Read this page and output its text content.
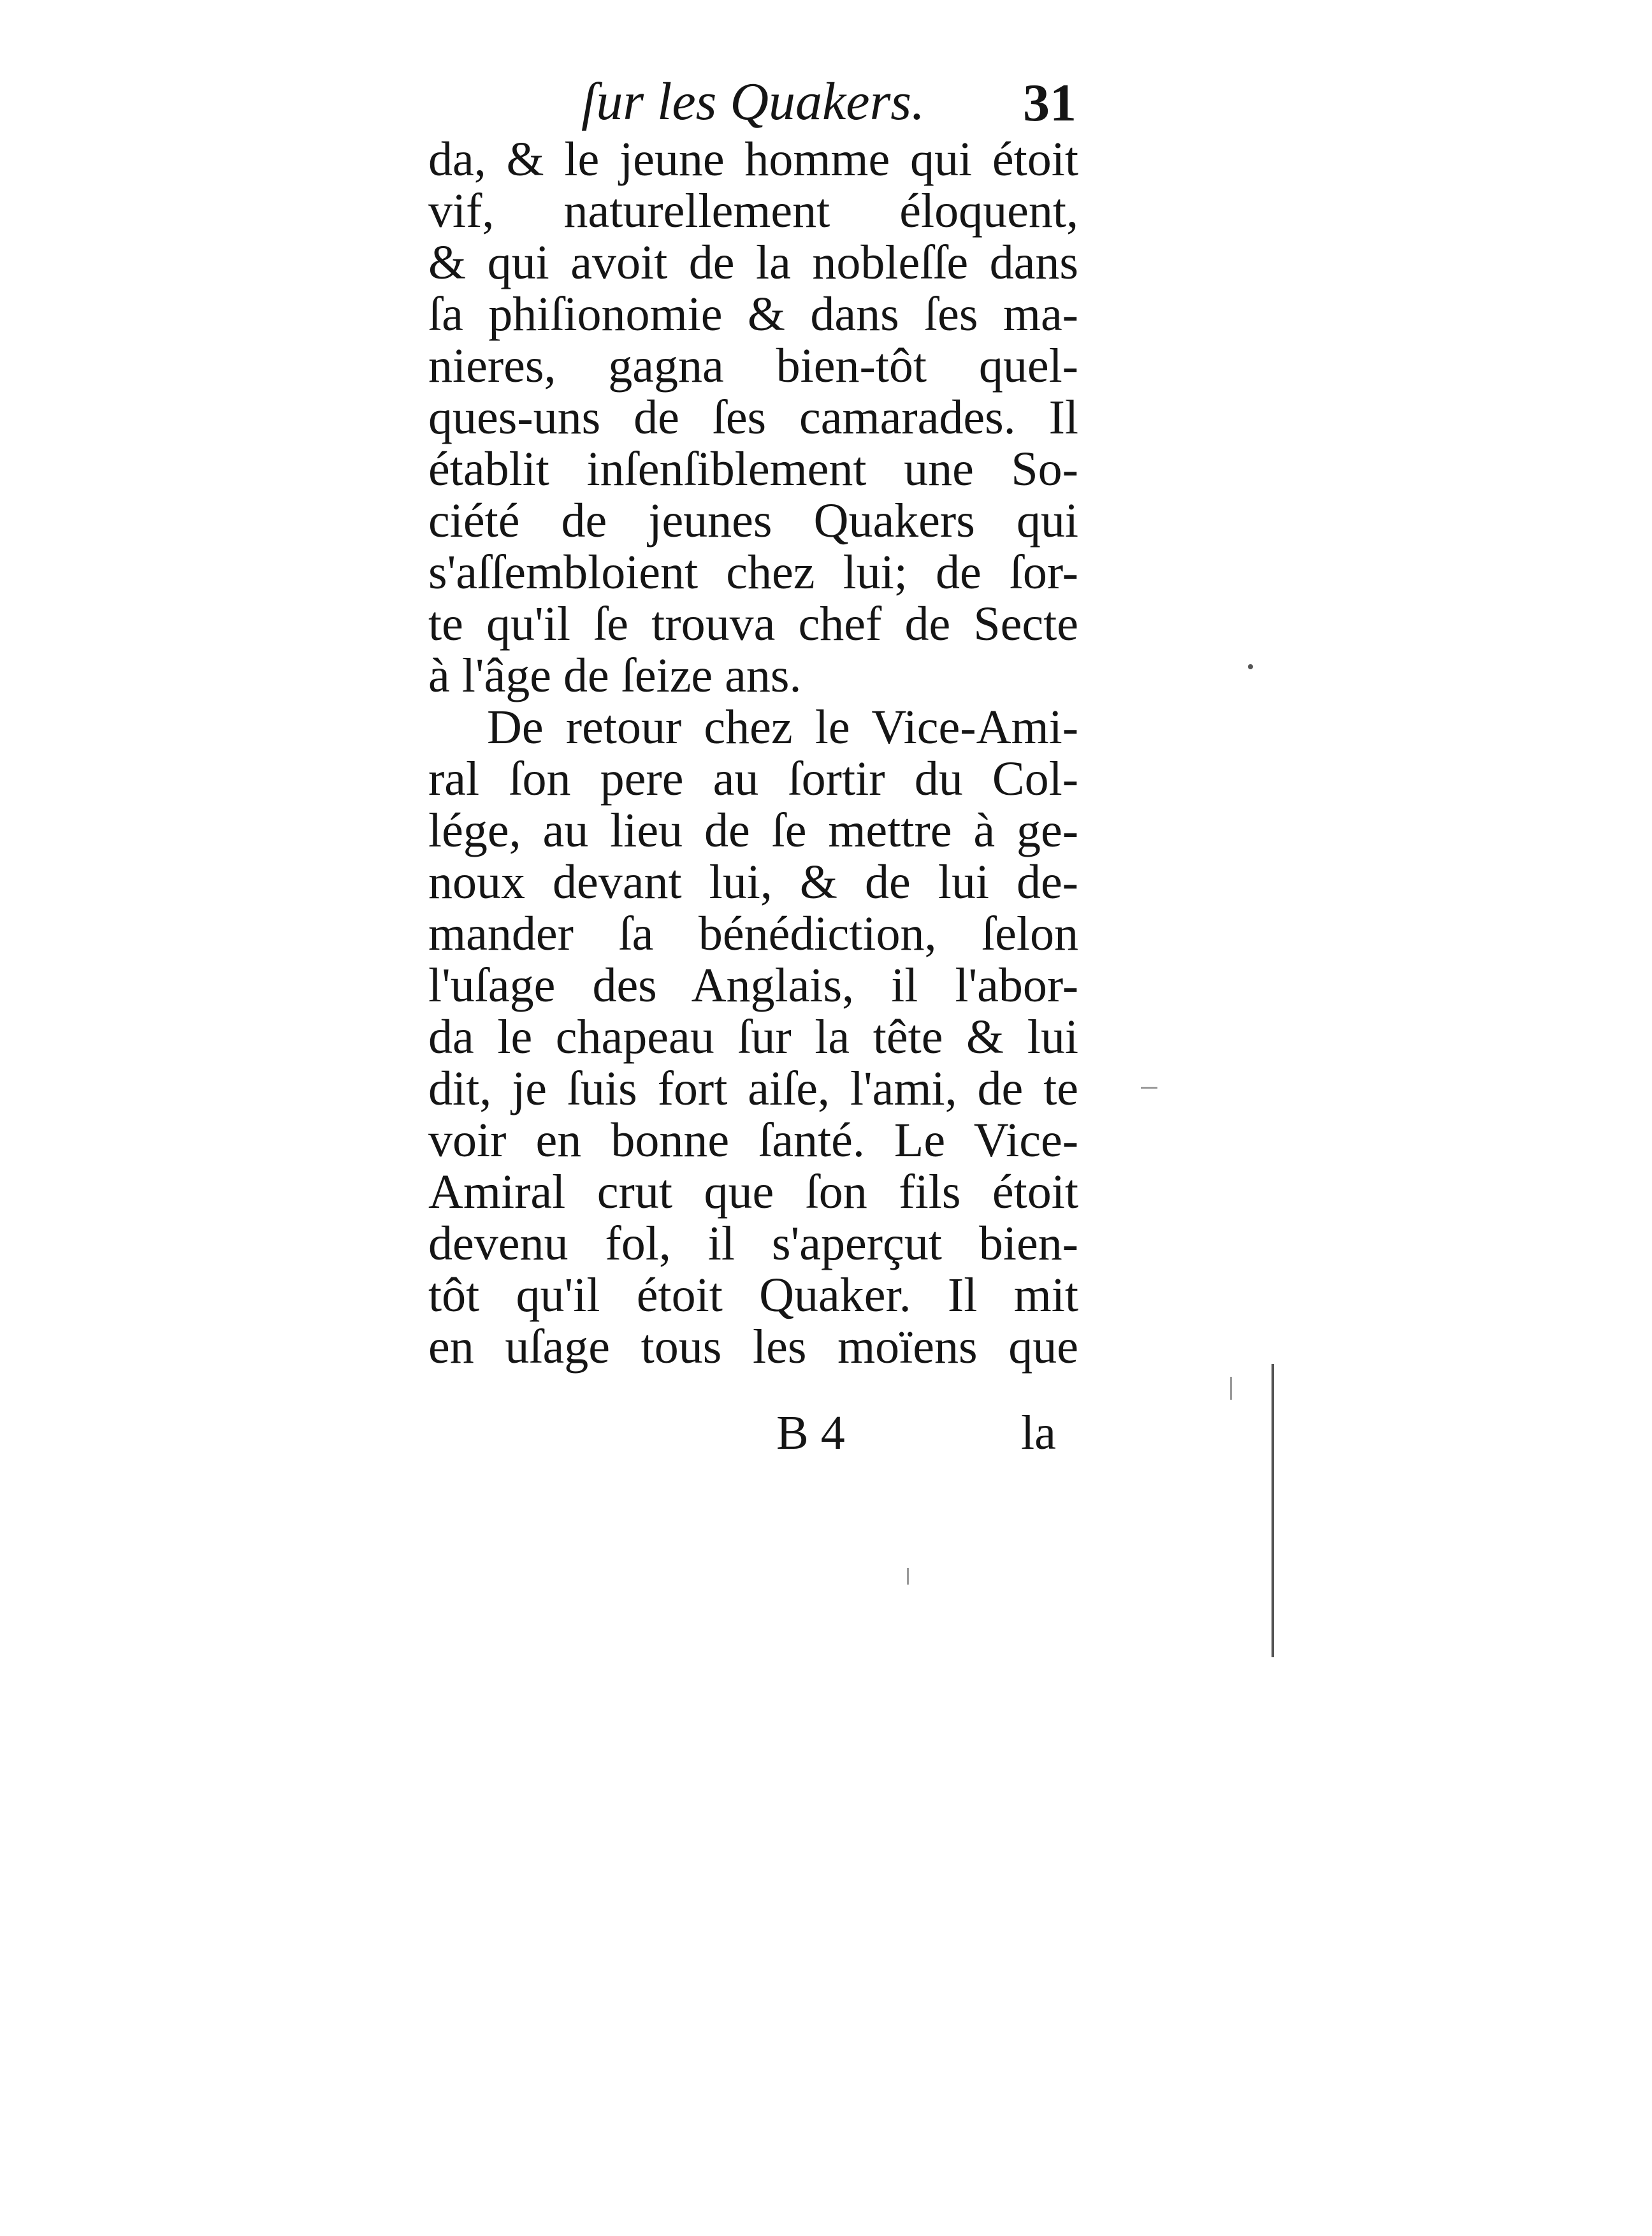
ſur les Quakers. 31
da, & le jeune homme qui étoit
vif, naturellement éloquent,
& qui avoit de la nobleſſe dans
ſa phiſionomie & dans ſes ma-
nieres, gagna bien-tôt quel-
ques-uns de ſes camarades. Il
établit inſenſiblement une So-
ciété de jeunes Quakers qui
s'aſſembloient chez lui; de ſor-
te qu'il ſe trouva chef de Secte
à l'âge de ſeize ans.
De retour chez le Vice-Ami-
ral ſon pere au ſortir du Col-
lége, au lieu de ſe mettre à ge-
noux devant lui, & de lui de-
mander ſa bénédiction, ſelon
l'uſage des Anglais, il l'abor-
da le chapeau ſur la tête & lui
dit, je ſuis fort aiſe, l'ami, de te
voir en bonne ſanté. Le Vice-
Amiral crut que ſon fils étoit
devenu fol, il s'aperçut bien-
tôt qu'il étoit Quaker. Il mit
en uſage tous les moïens que
B 4	la
